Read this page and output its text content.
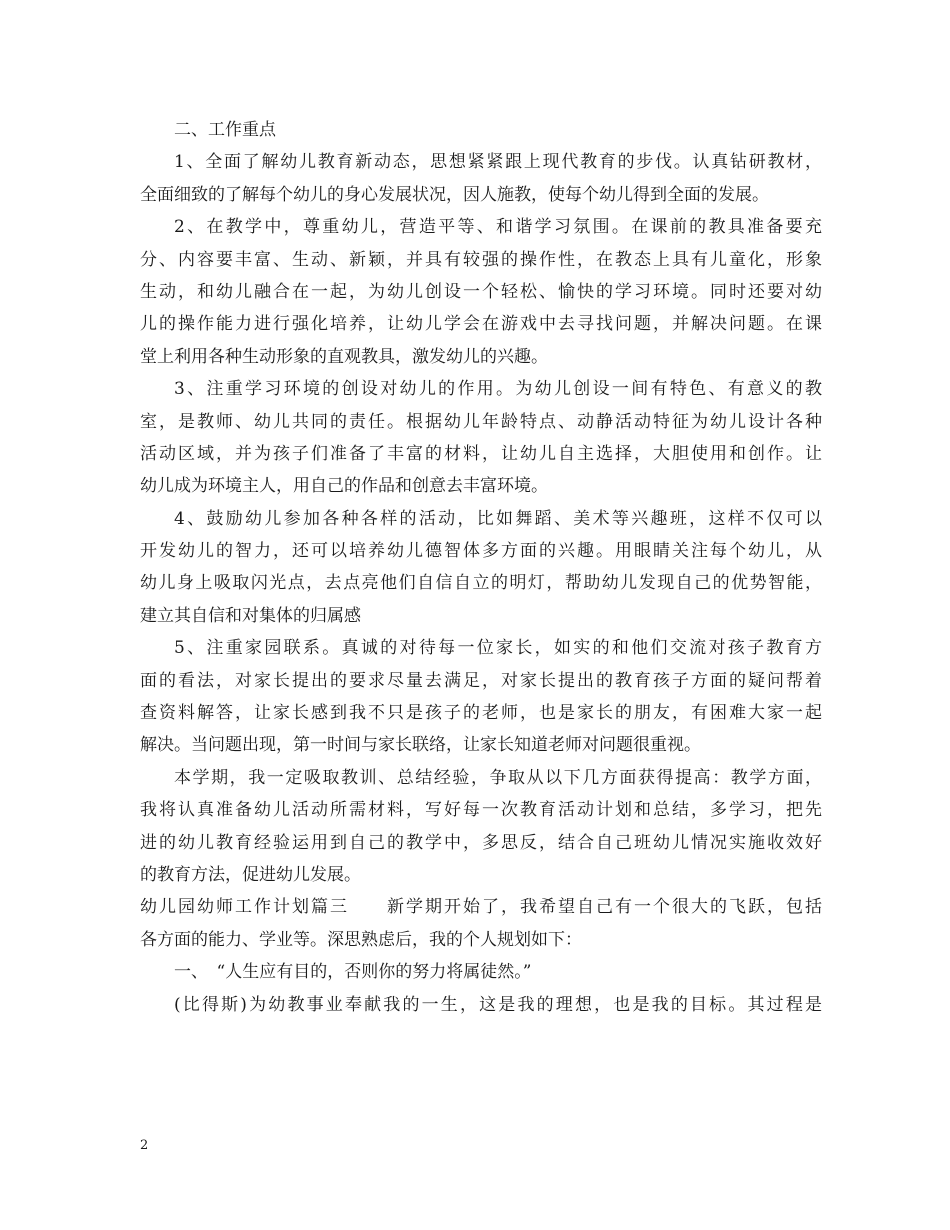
二、工作重点
1、全面了解幼儿教育新动态，思想紧紧跟上现代教育的步伐。认真钻研教材，
全面细致的了解每个幼儿的身心发展状况，因人施教，使每个幼儿得到全面的发展。
2、在教学中，尊重幼儿，营造平等、和谐学习氛围。在课前的教具准备要充
分、内容要丰富、生动、新颖，并具有较强的操作性，在教态上具有儿童化，形象
生动，和幼儿融合在一起，为幼儿创设一个轻松、愉快的学习环境。同时还要对幼
儿的操作能力进行强化培养，让幼儿学会在游戏中去寻找问题，并解决问题。在课
堂上利用各种生动形象的直观教具，激发幼儿的兴趣。
3、注重学习环境的创设对幼儿的作用。为幼儿创设一间有特色、有意义的教
室，是教师、幼儿共同的责任。根据幼儿年龄特点、动静活动特征为幼儿设计各种
活动区域，并为孩子们准备了丰富的材料，让幼儿自主选择，大胆使用和创作。让
幼儿成为环境主人，用自己的作品和创意去丰富环境。
4、鼓励幼儿参加各种各样的活动，比如舞蹈、美术等兴趣班，这样不仅可以
开发幼儿的智力，还可以培养幼儿德智体多方面的兴趣。用眼睛关注每个幼儿，从
幼儿身上吸取闪光点，去点亮他们自信自立的明灯，帮助幼儿发现自己的优势智能，
建立其自信和对集体的归属感
5、注重家园联系。真诚的对待每一位家长，如实的和他们交流对孩子教育方
面的看法，对家长提出的要求尽量去满足，对家长提出的教育孩子方面的疑问帮着
查资料解答，让家长感到我不只是孩子的老师，也是家长的朋友，有困难大家一起
解决。当问题出现，第一时间与家长联络，让家长知道老师对问题很重视。
本学期，我一定吸取教训、总结经验，争取从以下几方面获得提高：教学方面，
我将认真准备幼儿活动所需材料，写好每一次教育活动计划和总结，多学习，把先
进的幼儿教育经验运用到自己的教学中，多思反，结合自己班幼儿情况实施收效好
的教育方法，促进幼儿发展。
幼儿园幼师工作计划篇三　　新学期开始了，我希望自己有一个很大的飞跃，包括
各方面的能力、学业等。深思熟虑后，我的个人规划如下：
一、　“人生应有目的，否则你的努力将属徒然。”
(比得斯)为幼教事业奉献我的一生，这是我的理想，也是我的目标。其过程是
2
